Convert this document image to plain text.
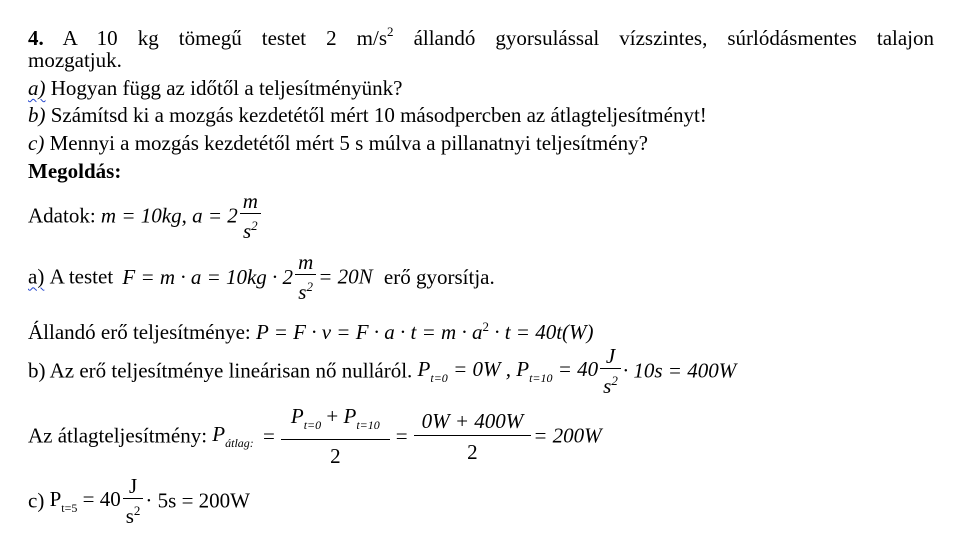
4. A 10 kg tömegű testet 2 $m/s^2$ állandó gyorsulással vízszintes, súrlódásmentes talajon
mozgatjuk.
a) Hogyan függ az időtől a teljesítményünk?
b) Számítsd ki a mozgás kezdetétől mért 10 másodpercben az átlagteljesítményt!
c) Mennyi a mozgás kezdetétől mért 5 s múlva a pillanatnyi teljesítmény?
Megoldás:
Adatok: m = 10kg, $a = 2 \frac{m}{s^2}$
a) A testet $F = m \cdot a = 10kg \cdot 2 \frac{m}{s^2} = 20N$ erő gyorsítja.
Állandó erő teljesítménye: $P = F \cdot v = F \cdot a \cdot t = m \cdot a^2 \cdot t = 40t(W)$
b) Az erő teljesítménye lineárisan nő nulláról. $P_{t=0} = 0W$ , $P_{t=10} = 40 \frac{J}{s^2} \cdot 10s = 400W$
Az átlagteljesítmény: $P_{átlag:} = \frac{P_{t=0} + P_{t=10}}{2} = \frac{0W + 400W}{2} = 200W$
c) $P_{t=5} = 40 \frac{J}{s^2} \cdot 5s = 200W$
